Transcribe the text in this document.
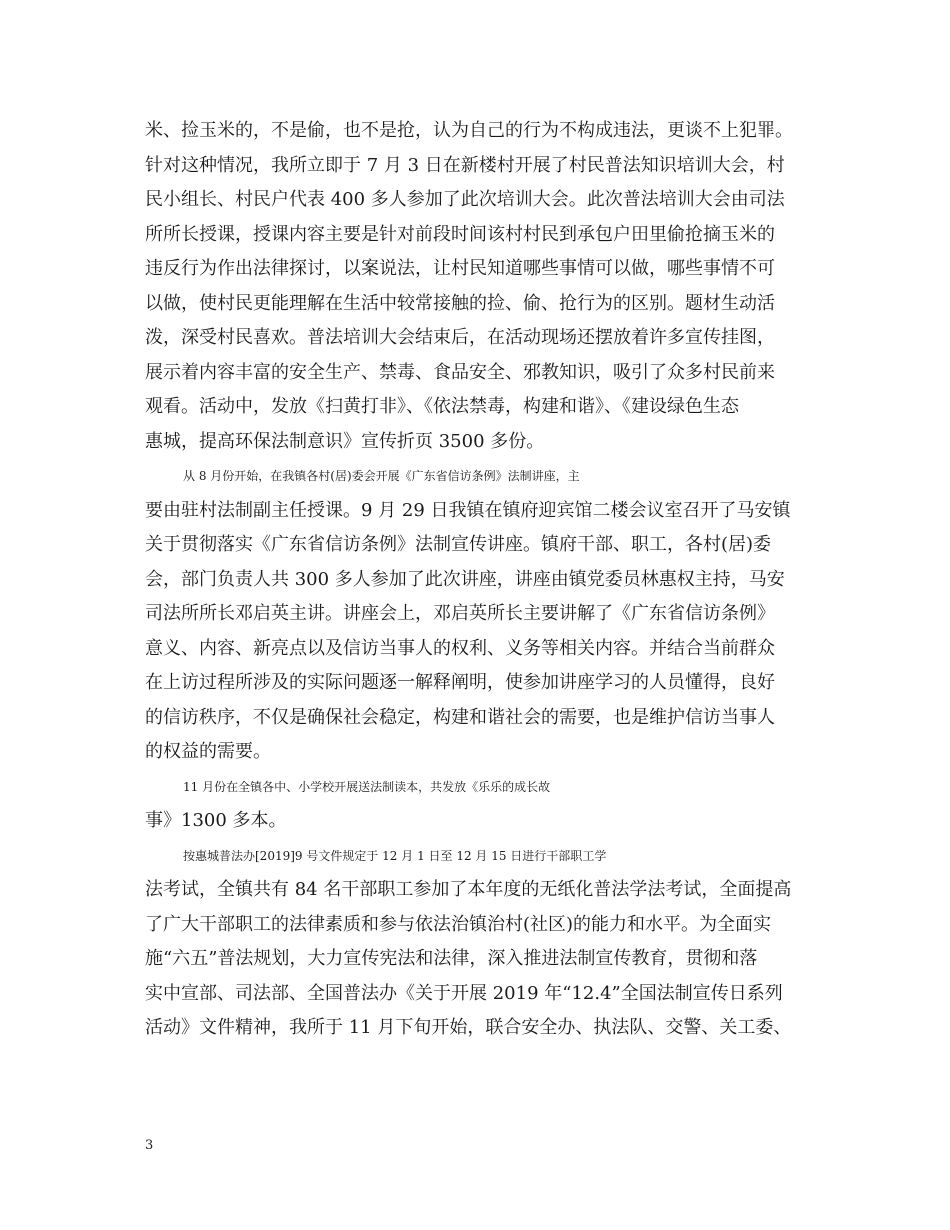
米、捡玉米的，不是偷，也不是抢，认为自己的行为不构成违法，更谈不上犯罪。
针对这种情况，我所立即于 7 月 3 日在新楼村开展了村民普法知识培训大会，村
民小组长、村民户代表 400 多人参加了此次培训大会。此次普法培训大会由司法
所所长授课，授课内容主要是针对前段时间该村村民到承包户田里偷抢摘玉米的
违反行为作出法律探讨，以案说法，让村民知道哪些事情可以做，哪些事情不可
以做，使村民更能理解在生活中较常接触的捡、偷、抢行为的区别。题材生动活
泼，深受村民喜欢。普法培训大会结束后，在活动现场还摆放着许多宣传挂图，
展示着内容丰富的安全生产、禁毒、食品安全、邪教知识，吸引了众多村民前来
观看。活动中，发放《扫黄打非》、《依法禁毒，构建和谐》、《建设绿色生态
惠城，提高环保法制意识》宣传折页 3500 多份。
从 8 月份开始，在我镇各村(居)委会开展《广东省信访条例》法制讲座，主
要由驻村法制副主任授课。9 月 29 日我镇在镇府迎宾馆二楼会议室召开了马安镇
关于贯彻落实《广东省信访条例》法制宣传讲座。镇府干部、职工，各村(居)委
会，部门负责人共 300 多人参加了此次讲座，讲座由镇党委员林惠权主持，马安
司法所所长邓启英主讲。讲座会上，邓启英所长主要讲解了《广东省信访条例》
意义、内容、新亮点以及信访当事人的权利、义务等相关内容。并结合当前群众
在上访过程所涉及的实际问题逐一解释阐明，使参加讲座学习的人员懂得，良好
的信访秩序，不仅是确保社会稳定，构建和谐社会的需要，也是维护信访当事人
的权益的需要。
11 月份在全镇各中、小学校开展送法制读本，共发放《乐乐的成长故
事》1300 多本。
按惠城普法办[2019]9 号文件规定于 12 月 1 日至 12 月 15 日进行干部职工学
法考试，全镇共有 84 名干部职工参加了本年度的无纸化普法学法考试，全面提高
了广大干部职工的法律素质和参与依法治镇治村(社区)的能力和水平。为全面实
施“六五”普法规划，大力宣传宪法和法律，深入推进法制宣传教育，贯彻和落
实中宣部、司法部、全国普法办《关于开展 2019 年“12.4”全国法制宣传日系列
活动》文件精神，我所于 11 月下旬开始，联合安全办、执法队、交警、关工委、
3
